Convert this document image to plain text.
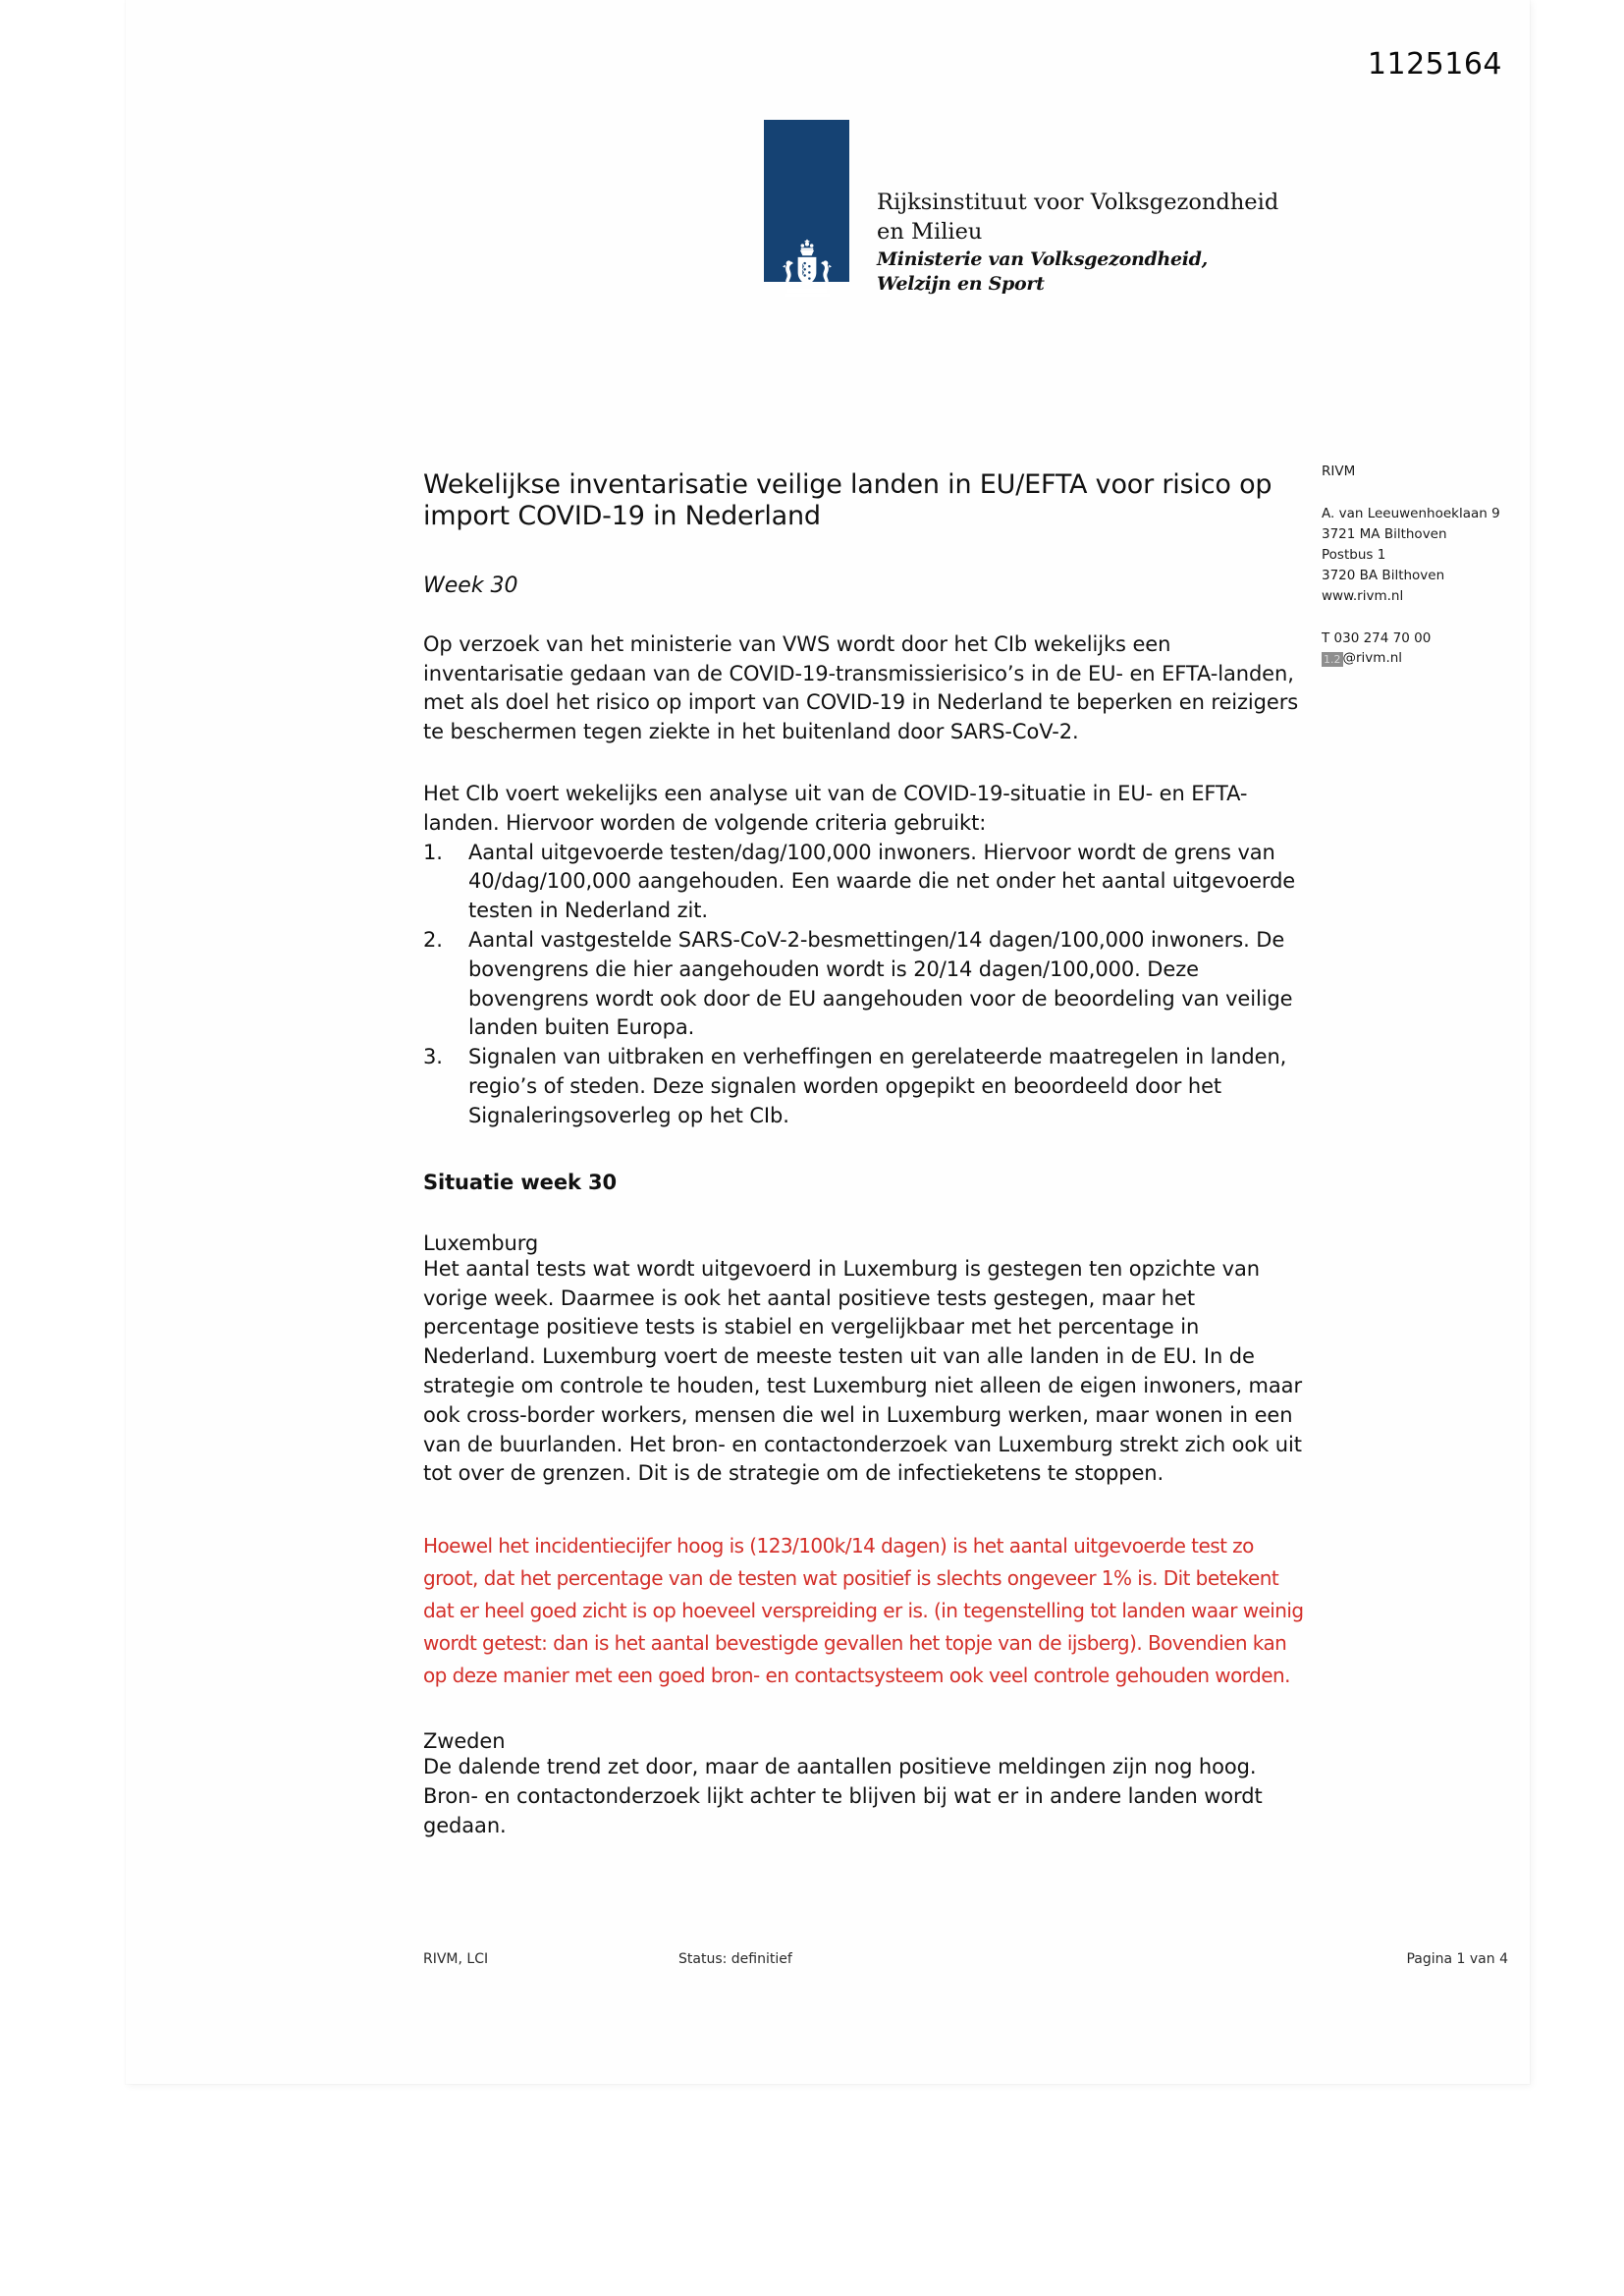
1125164
Rijksinstituut voor Volksgezondheid
en Milieu
Ministerie van Volksgezondheid,
Welzijn en Sport
Wekelijkse inventarisatie veilige landen in EU/EFTA voor risico op import COVID-19 in Nederland
Week 30
Op verzoek van het ministerie van VWS wordt door het CIb wekelijks een inventarisatie gedaan van de COVID-19-transmissierisico’s in de EU- en EFTA-landen, met als doel het risico op import van COVID-19 in Nederland te beperken en reizigers te beschermen tegen ziekte in het buitenland door SARS-CoV-2.
Het CIb voert wekelijks een analyse uit van de COVID-19-situatie in EU- en EFTA-landen. Hiervoor worden de volgende criteria gebruikt:
1.	Aantal uitgevoerde testen/dag/100,000 inwoners. Hiervoor wordt de grens van 40/dag/100,000 aangehouden. Een waarde die net onder het aantal uitgevoerde testen in Nederland zit.
2.	Aantal vastgestelde SARS-CoV-2-besmettingen/14 dagen/100,000 inwoners. De bovengrens die hier aangehouden wordt is 20/14 dagen/100,000. Deze bovengrens wordt ook door de EU aangehouden voor de beoordeling van veilige landen buiten Europa.
3.	Signalen van uitbraken en verheffingen en gerelateerde maatregelen in landen, regio’s of steden. Deze signalen worden opgepikt en beoordeeld door het Signaleringsoverleg op het CIb.
Situatie week 30
Luxemburg
Het aantal tests wat wordt uitgevoerd in Luxemburg is gestegen ten opzichte van vorige week. Daarmee is ook het aantal positieve tests gestegen, maar het percentage positieve tests is stabiel en vergelijkbaar met het percentage in Nederland. Luxemburg voert de meeste testen uit van alle landen in de EU. In de strategie om controle te houden, test Luxemburg niet alleen de eigen inwoners, maar ook cross-border workers, mensen die wel in Luxemburg werken, maar wonen in een van de buurlanden. Het bron- en contactonderzoek van Luxemburg strekt zich ook uit tot over de grenzen. Dit is de strategie om de infectieketens te stoppen.
Hoewel het incidentiecijfer hoog is (123/100k/14 dagen) is het aantal uitgevoerde test zo groot, dat het percentage van de testen wat positief is slechts ongeveer 1% is. Dit betekent dat er heel goed zicht is op hoeveel verspreiding er is. (in tegenstelling tot landen waar weinig wordt getest: dan is het aantal bevestigde gevallen het topje van de ijsberg). Bovendien kan op deze manier met een goed bron- en contactsysteem ook veel controle gehouden worden.
Zweden
De dalende trend zet door, maar de aantallen positieve meldingen zijn nog hoog. Bron- en contactonderzoek lijkt achter te blijven bij wat er in andere landen wordt gedaan.
RIVM
A. van Leeuwenhoeklaan 9
3721 MA Bilthoven
Postbus 1
3720 BA Bilthoven
www.rivm.nl
T 030 274 70 00
1.2 @rivm.nl
RIVM, LCI	Status: definitief	Pagina 1 van 4
